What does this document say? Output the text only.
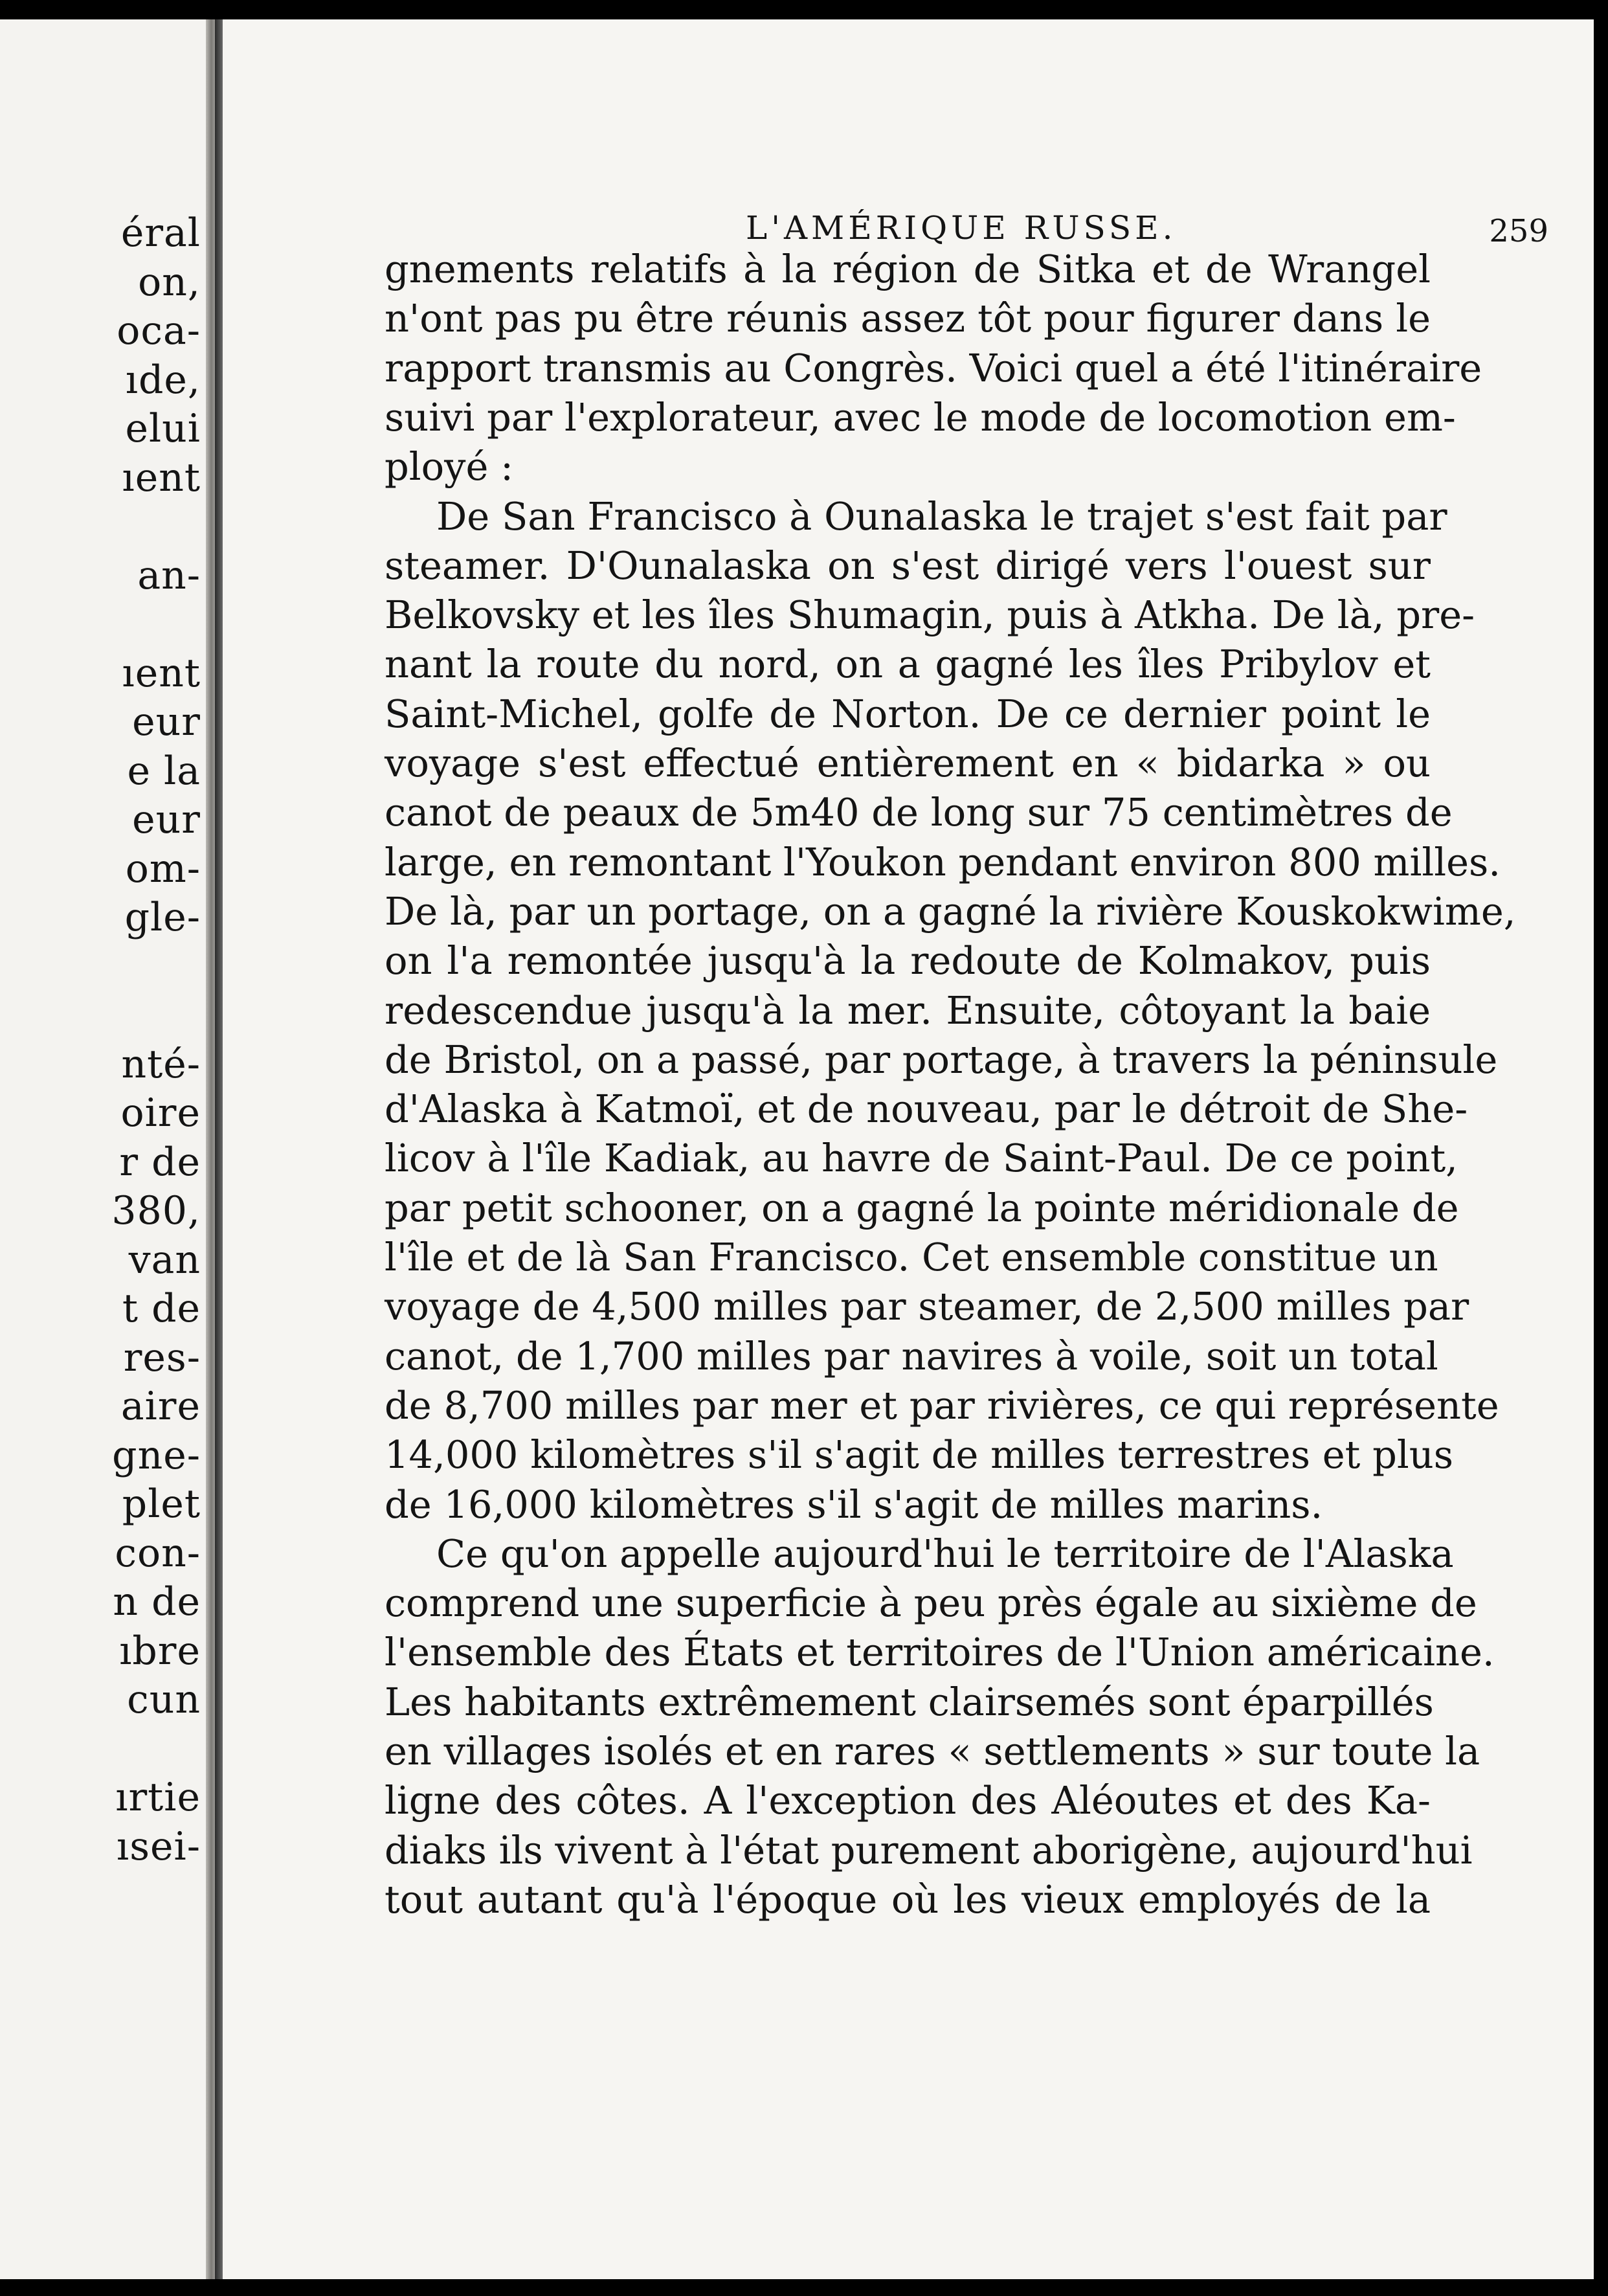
éral
on,
oca-
ıde,
elui
ıent
an-
ıent
eur
e la
eur
om-
gle-
nté-
oire
r de
380,
van
t de
res-
aire
gne-
plet
con-
n de
ıbre
cun
ırtie
ısei-
L'AMÉRIQUE RUSSE.	259
gnements relatifs à la région de Sitka et de Wrangel
n'ont pas pu être réunis assez tôt pour figurer dans le
rapport transmis au Congrès. Voici quel a été l'itinéraire
suivi par l'explorateur, avec le mode de locomotion em-
ployé :
De San Francisco à Ounalaska le trajet s'est fait par
steamer. D'Ounalaska on s'est dirigé vers l'ouest sur
Belkovsky et les îles Shumagin, puis à Atkha. De là, pre-
nant la route du nord, on a gagné les îles Pribylov et
Saint-Michel, golfe de Norton. De ce dernier point le
voyage s'est effectué entièrement en « bidarka » ou
canot de peaux de 5m40 de long sur 75 centimètres de
large, en remontant l'Youkon pendant environ 800 milles.
De là, par un portage, on a gagné la rivière Kouskokwime,
on l'a remontée jusqu'à la redoute de Kolmakov, puis
redescendue jusqu'à la mer. Ensuite, côtoyant la baie
de Bristol, on a passé, par portage, à travers la péninsule
d'Alaska à Katmoï, et de nouveau, par le détroit de She-
licov à l'île Kadiak, au havre de Saint-Paul. De ce point,
par petit schooner, on a gagné la pointe méridionale de
l'île et de là San Francisco. Cet ensemble constitue un
voyage de 4,500 milles par steamer, de 2,500 milles par
canot, de 1,700 milles par navires à voile, soit un total
de 8,700 milles par mer et par rivières, ce qui représente
14,000 kilomètres s'il s'agit de milles terrestres et plus
de 16,000 kilomètres s'il s'agit de milles marins.
Ce qu'on appelle aujourd'hui le territoire de l'Alaska
comprend une superficie à peu près égale au sixième de
l'ensemble des États et territoires de l'Union américaine.
Les habitants extrêmement clairsemés sont éparpillés
en villages isolés et en rares « settlements » sur toute la
ligne des côtes. A l'exception des Aléoutes et des Ka-
diaks ils vivent à l'état purement aborigène, aujourd'hui
tout autant qu'à l'époque où les vieux employés de la
